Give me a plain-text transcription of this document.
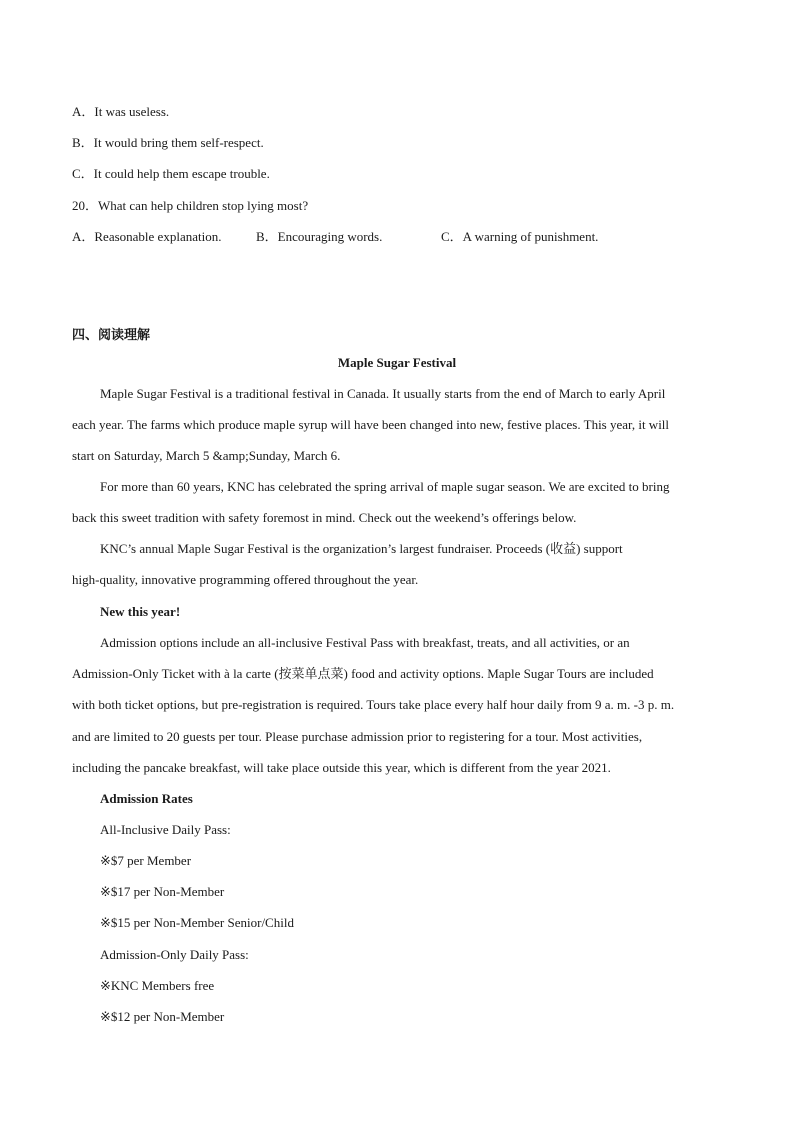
A．It was useless.
B．It would bring them self-respect.
C．It could help them escape trouble.
20．What can help children stop lying most?
A．Reasonable explanation.	B．Encouraging words.	C．A warning of punishment.
四、阅读理解
Maple Sugar Festival
Maple Sugar Festival is a traditional festival in Canada. It usually starts from the end of March to early April
each year. The farms which produce maple syrup will have been changed into new, festive places. This year, it will
start on Saturday, March 5 &amp;Sunday, March 6.
For more than 60 years, KNC has celebrated the spring arrival of maple sugar season. We are excited to bring
back this sweet tradition with safety foremost in mind. Check out the weekend’s offerings below.
KNC’s annual Maple Sugar Festival is the organization’s largest fundraiser. Proceeds (收益) support
high-quality, innovative programming offered throughout the year.
New this year!
Admission options include an all-inclusive Festival Pass with breakfast, treats, and all activities, or an
Admission-Only Ticket with à la carte (按菜单点菜) food and activity options. Maple Sugar Tours are included
with both ticket options, but pre-registration is required. Tours take place every half hour daily from 9 a. m. -3 p. m.
and are limited to 20 guests per tour. Please purchase admission prior to registering for a tour. Most activities,
including the pancake breakfast, will take place outside this year, which is different from the year 2021.
Admission Rates
All-Inclusive Daily Pass:
※$7 per Member
※$17 per Non-Member
※$15 per Non-Member Senior/Child
Admission-Only Daily Pass:
※KNC Members free
※$12 per Non-Member
